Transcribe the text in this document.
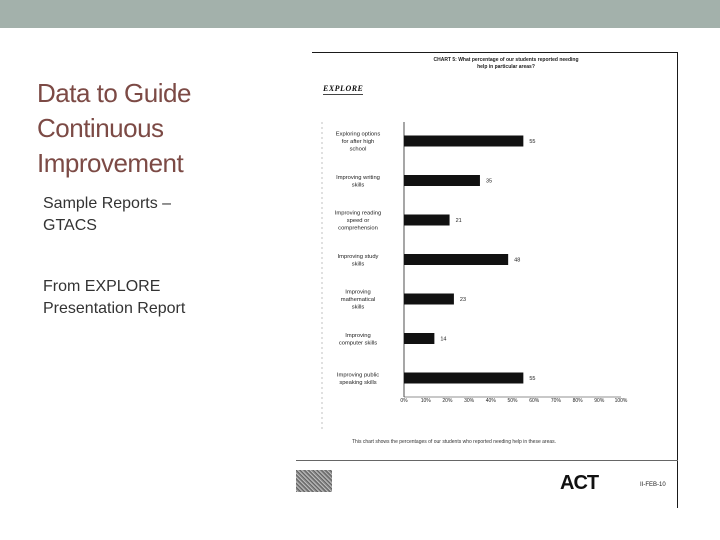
Data to Guide
Continuous
Improvement
Sample Reports –
GTACS
From EXPLORE
Presentation Report
CHART 5: What percentage of our students reported needing
help in particular areas?
EXPLORE
Exploring options
for after high
school
55
Improving writing
skills
35
Improving reading
speed or
comprehension
21
Improving study
skills
48
Improving
mathematical
skills
23
Improving
computer skills
14
Improving public
speaking skills
55
0%	10% 20% 30% 40% 50% 60% 70% 80% 90% 100%
This chart shows the percentages of our students who reported needing help in these areas.
ACT	II-FEB-10
